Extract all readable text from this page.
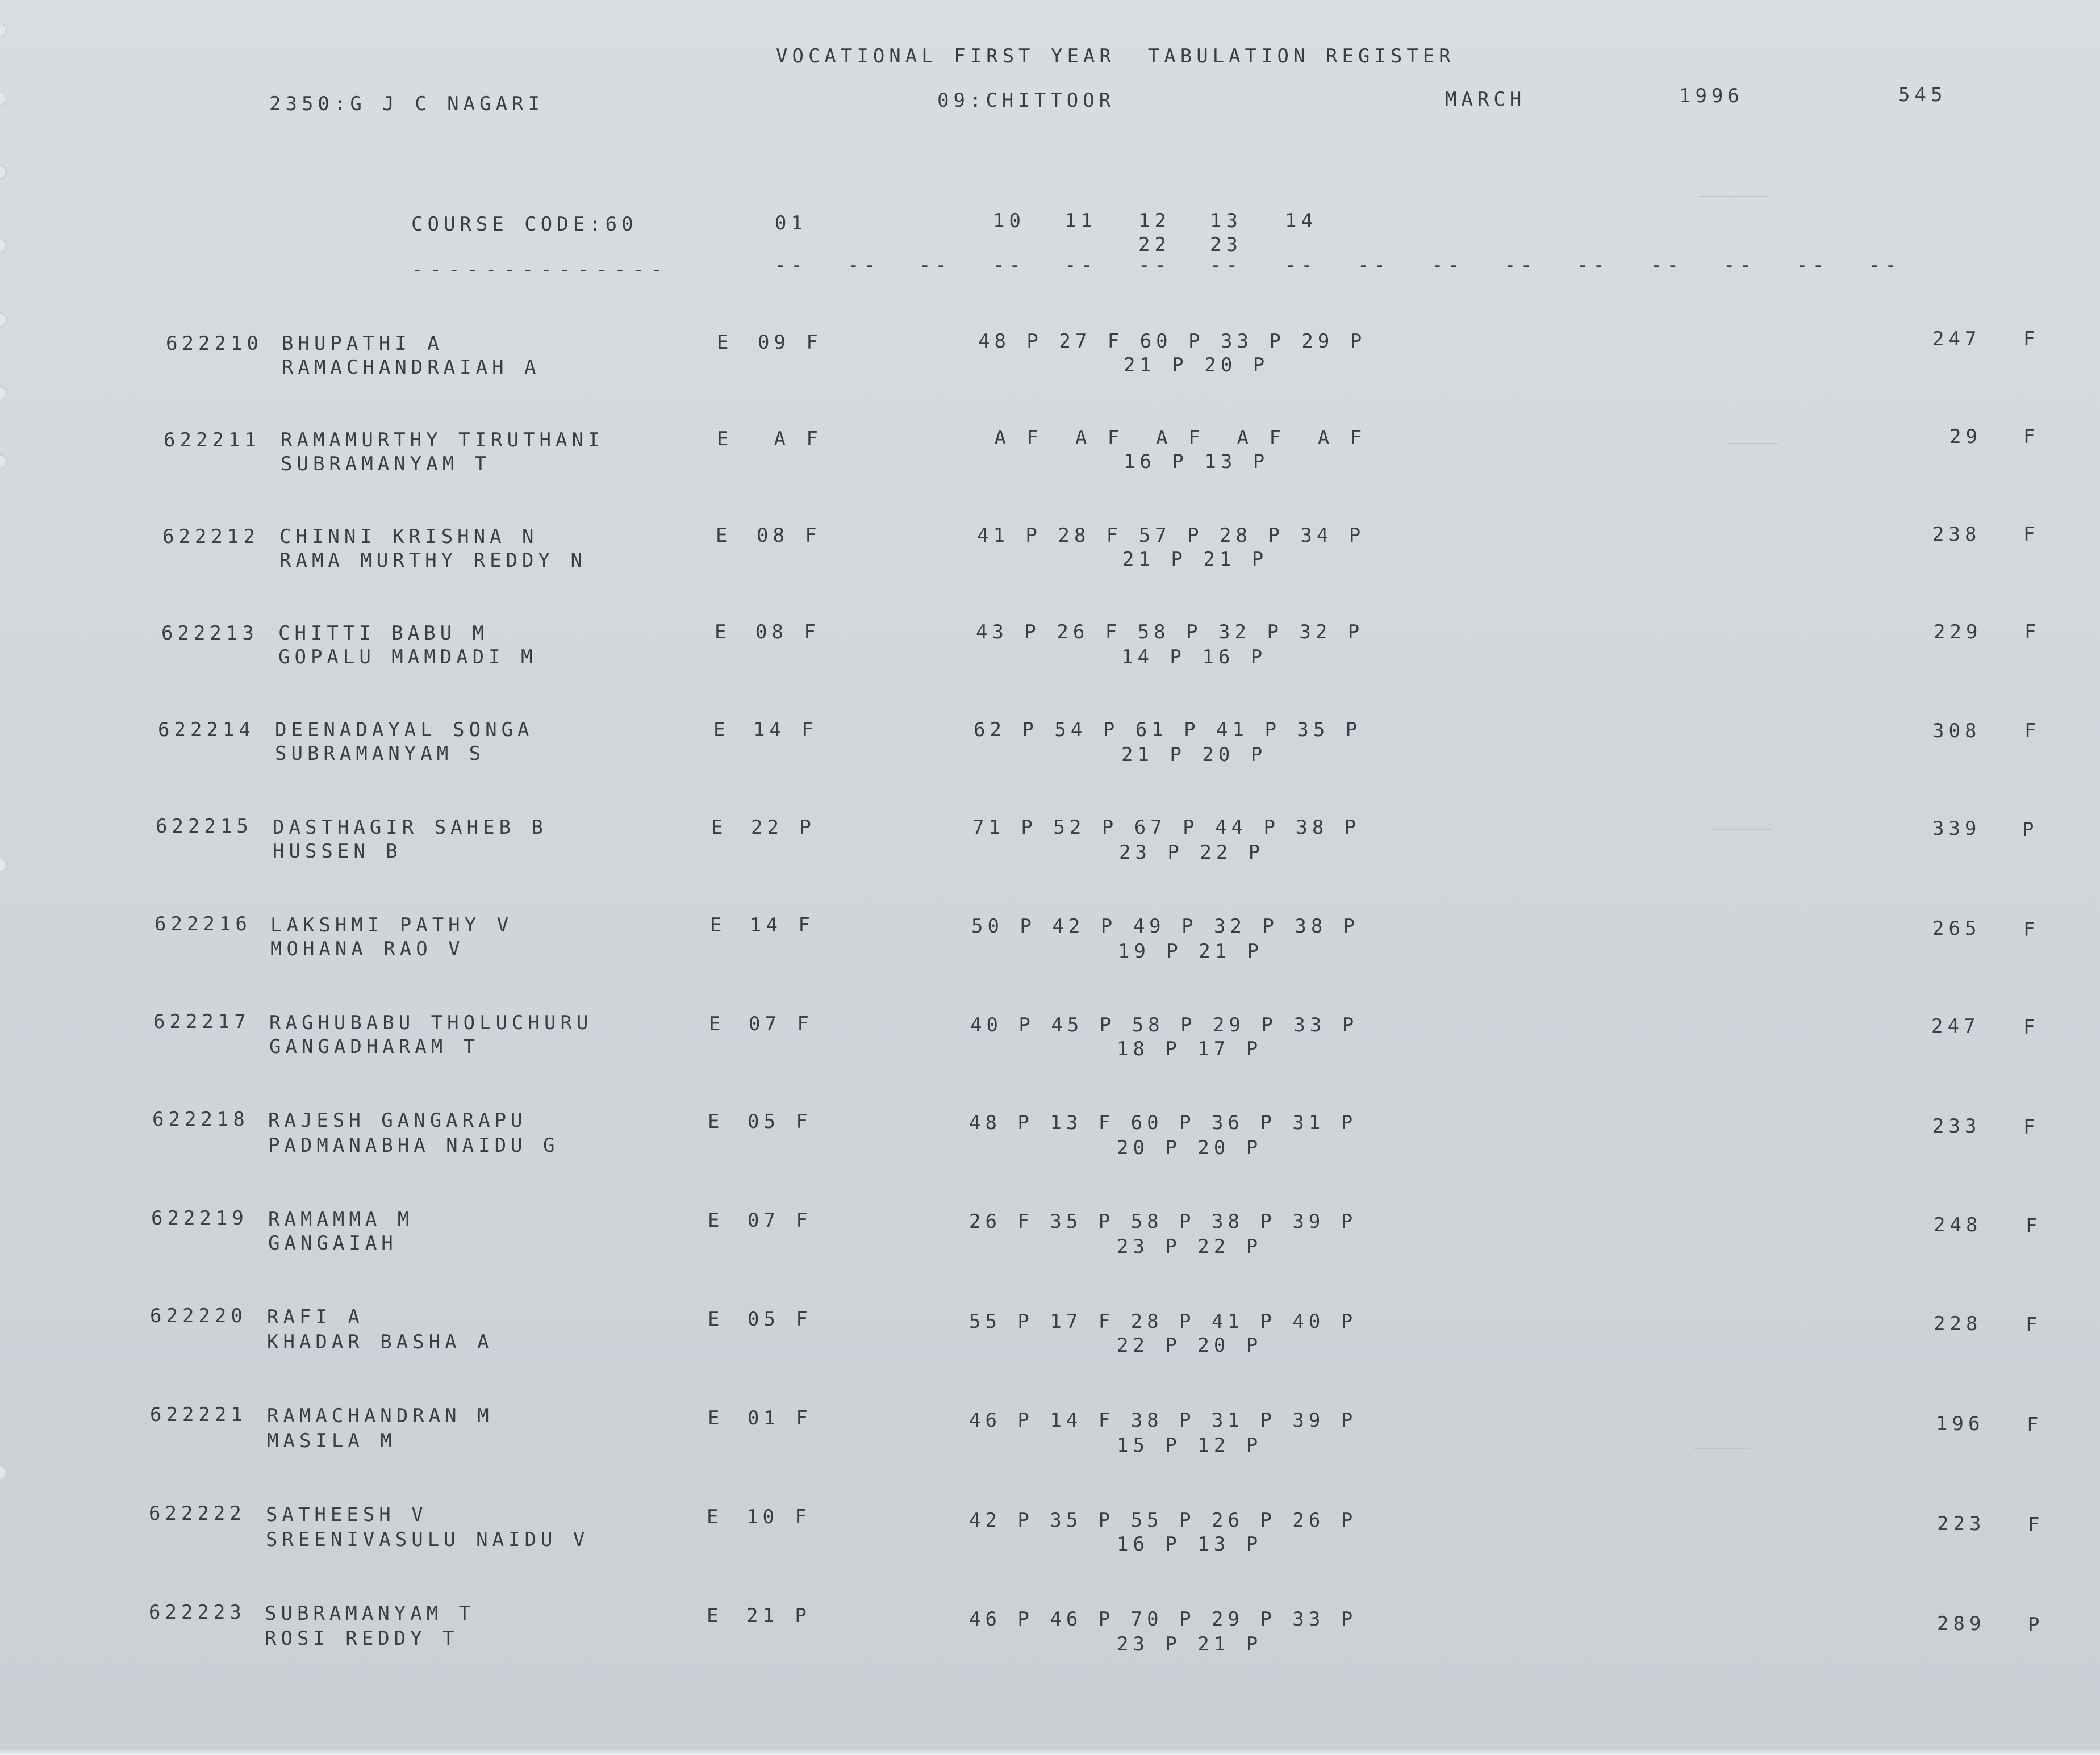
VOCATIONAL FIRST YEAR  TABULATION REGISTER
2350:G J C NAGARI	09:CHITTOOR	MARCH	1996	545
COURSE CODE:60
--------------
01	10 11 12 13 14
22 23
-- -- -- -- -- -- -- -- -- -- -- -- -- -- -- --
622210 .
BHUPATHI A
RAMACHANDRAIAH A
E 09 F	48 P 27 F 60 P 33 P 29 P
21 P 20 P
247 F
622211 RAMAMURTHY TIRUTHANI
SUBRAMANYAM T
E A F	A F  A F  A F  A F  A F
16 P 13 P
29 F
622212 CHINNI KRISHNA N
RAMA MURTHY REDDY N
E 08 F	41 P 28 F 57 P 28 P 34 P
21 P 21 P
238 F
622213 CHITTI BABU M
GOPALU MAMDADI M
E 08 F	43 P 26 F 58 P 32 P 32 P
14 P 16 P
229 F
622214 DEENADAYAL SONGA
SUBRAMANYAM S
E 14 F	62 P 54 P 61 P 41 P 35 P
21 P 20 P
308 F
622215 DASTHAGIR SAHEB B
HUSSEN B
E 22 P	71 P 52 P 67 P 44 P 38 P
23 P 22 P
339 P
622216 LAKSHMI PATHY V
MOHANA RAO V
E 14 F	50 P 42 P 49 P 32 P 38 P
19 P 21 P
265 F
622217 RAGHUBABU THOLUCHURU
GANGADHARAM T
E 07 F	40 P 45 P 58 P 29 P 33 P
18 P 17 P
247 F
622218 RAJESH GANGARAPU
PADMANABHA NAIDU G
E 05 F	48 P 13 F 60 P 36 P 31 P
20 P 20 P
233 F
622219 RAMAMMA M
GANGAIAH
E 07 F	26 F 35 P 58 P 38 P 39 P
23 P 22 P
248 F
622220 RAFI A
KHADAR BASHA A
E 05 F	55 P 17 F 28 P 41 P 40 P
22 P 20 P
228 F
622221 RAMACHANDRAN M
MASILA M
E 01 F	46 P 14 F 38 P 31 P 39 P
15 P 12 P
196 F
622222 SATHEESH V
SREENIVASULU NAIDU V
E 10 F	42 P 35 P 55 P 26 P 26 P
16 P 13 P
223 F
622223 SUBRAMANYAM T
ROSI REDDY T
E 21 P	46 P 46 P 70 P 29 P 33 P
23 P 21 P
289 P
